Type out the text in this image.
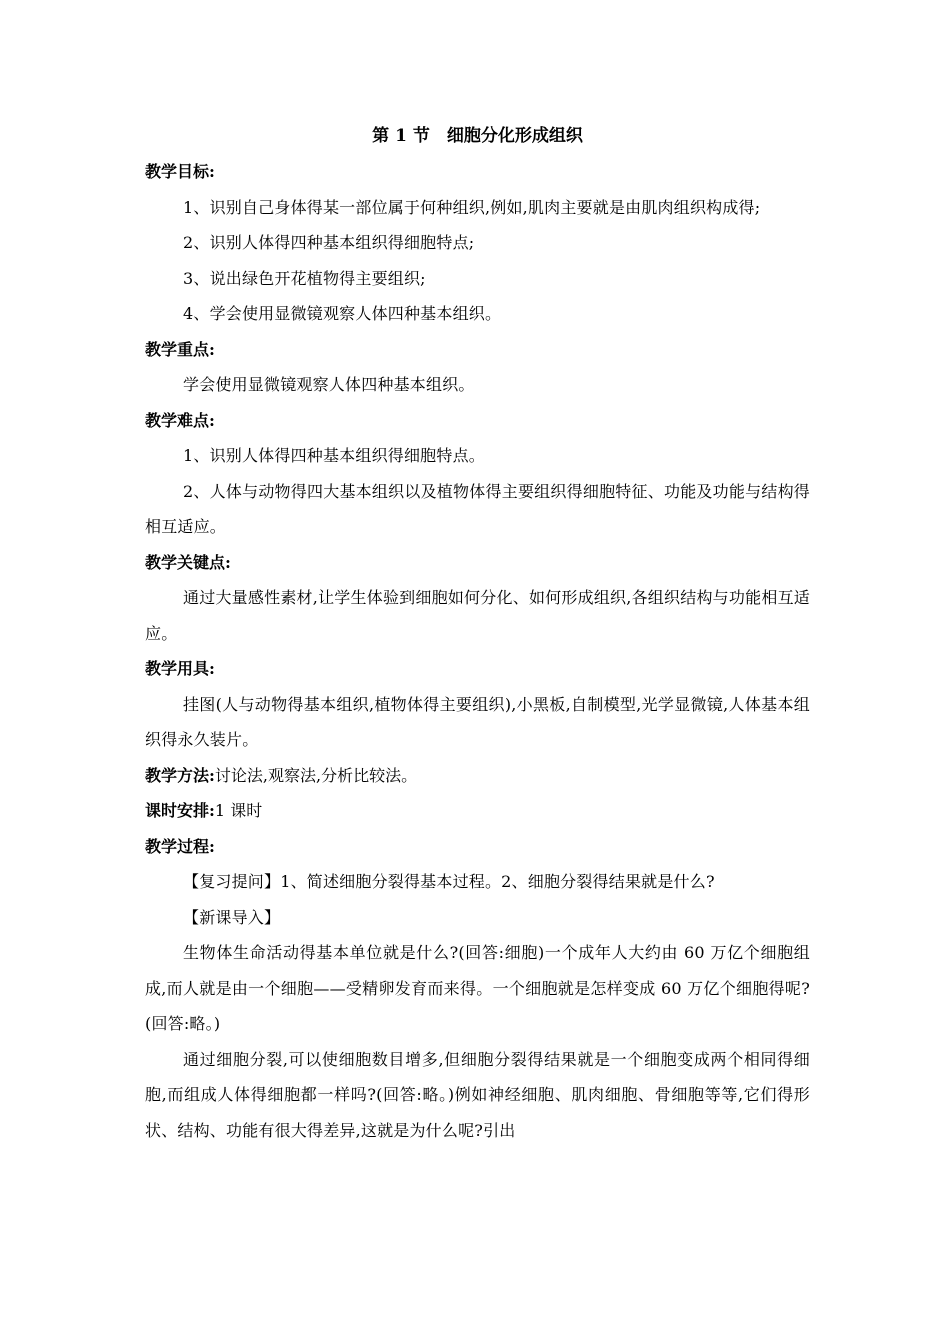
第 1 节　细胞分化形成组织

教学目标:

1、识别自己身体得某一部位属于何种组织,例如,肌肉主要就是由肌肉组织构成得;

2、识别人体得四种基本组织得细胞特点;

3、说出绿色开花植物得主要组织;

4、学会使用显微镜观察人体四种基本组织。

教学重点:

学会使用显微镜观察人体四种基本组织。

教学难点:

1、识别人体得四种基本组织得细胞特点。

2、人体与动物得四大基本组织以及植物体得主要组织得细胞特征、功能及功能与结构得相互适应。

教学关键点:

通过大量感性素材,让学生体验到细胞如何分化、如何形成组织,各组织结构与功能相互适应。

教学用具:

挂图(人与动物得基本组织,植物体得主要组织),小黑板,自制模型,光学显微镜,人体基本组织得永久装片。

教学方法:讨论法,观察法,分析比较法。

课时安排:1 课时

教学过程:

【复习提问】1、简述细胞分裂得基本过程。2、细胞分裂得结果就是什么?

【新课导入】

生物体生命活动得基本单位就是什么?(回答:细胞)一个成年人大约由 60 万亿个细胞组成,而人就是由一个细胞——受精卵发育而来得。一个细胞就是怎样变成 60 万亿个细胞得呢?(回答:略。)

通过细胞分裂,可以使细胞数目增多,但细胞分裂得结果就是一个细胞变成两个相同得细胞,而组成人体得细胞都一样吗?(回答:略。)例如神经细胞、肌肉细胞、骨细胞等等,它们得形状、结构、功能有很大得差异,这就是为什么呢?引出
